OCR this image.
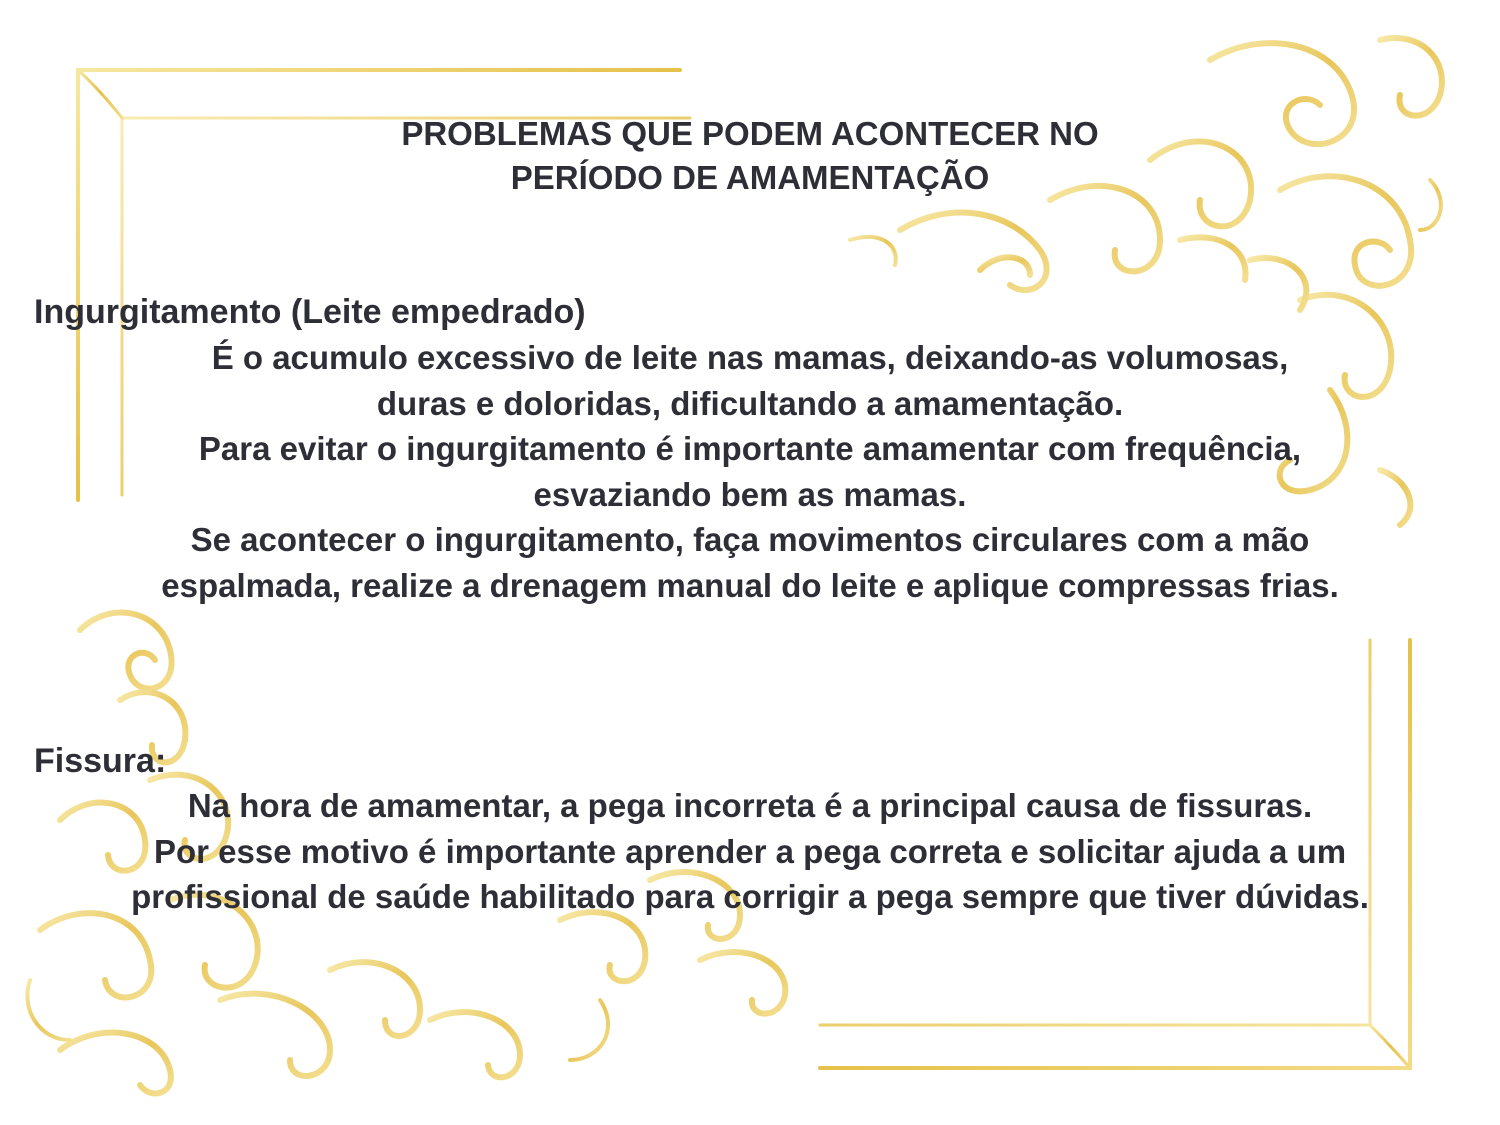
PROBLEMAS QUE PODEM ACONTECER NO
PERÍODO DE AMAMENTAÇÃO
Ingurgitamento (Leite empedrado)
É o acumulo excessivo de leite nas mamas, deixando-as volumosas,
duras e doloridas, dificultando a amamentação.
Para evitar o ingurgitamento é importante amamentar com frequência,
esvaziando bem as mamas.
Se acontecer o ingurgitamento, faça movimentos circulares com a mão
espalmada, realize a drenagem manual do leite e aplique compressas frias.
Fissura:
Na hora de amamentar, a pega incorreta é a principal causa de fissuras.
Por esse motivo é importante aprender a pega correta e solicitar ajuda a um
profissional de saúde habilitado para corrigir a pega sempre que tiver dúvidas.
